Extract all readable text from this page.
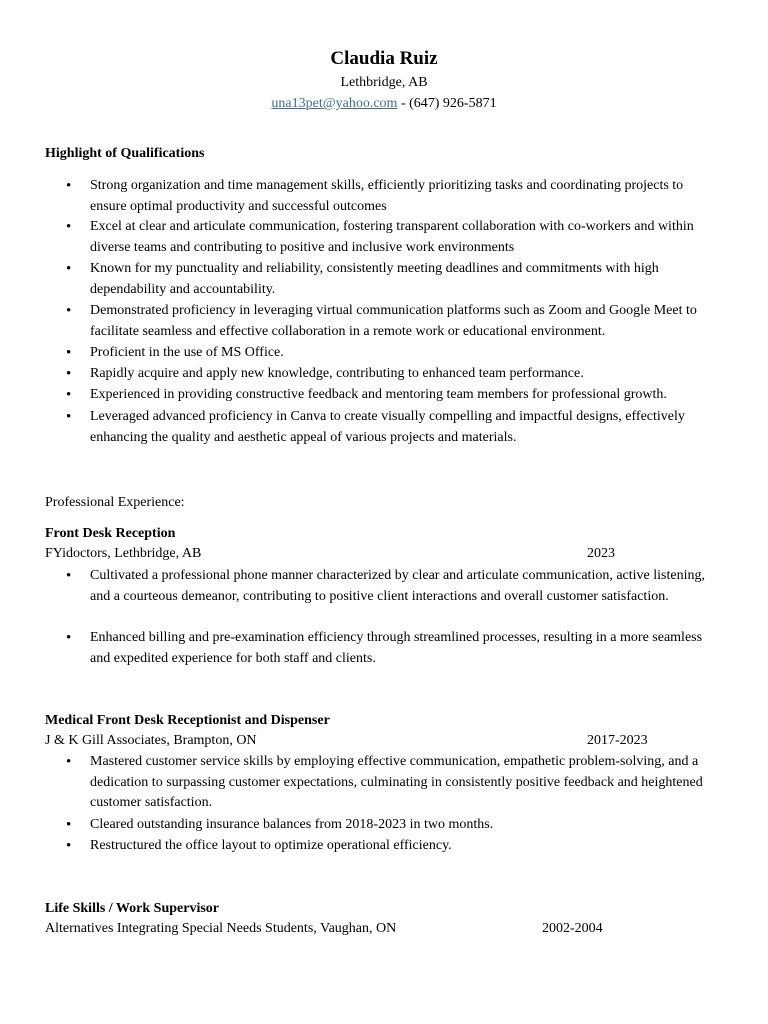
Claudia Ruiz
Lethbridge, AB
una13pet@yahoo.com - (647) 926-5871
Highlight of Qualifications
• Strong organization and time management skills, efficiently prioritizing tasks and coordinating projects to ensure optimal productivity and successful outcomes
• Excel at clear and articulate communication, fostering transparent collaboration with co-workers and within diverse teams and contributing to positive and inclusive work environments
• Known for my punctuality and reliability, consistently meeting deadlines and commitments with high dependability and accountability.
• Demonstrated proficiency in leveraging virtual communication platforms such as Zoom and Google Meet to facilitate seamless and effective collaboration in a remote work or educational environment.
• Proficient in the use of MS Office.
• Rapidly acquire and apply new knowledge, contributing to enhanced team performance.
• Experienced in providing constructive feedback and mentoring team members for professional growth.
• Leveraged advanced proficiency in Canva to create visually compelling and impactful designs, effectively enhancing the quality and aesthetic appeal of various projects and materials.
Professional Experience:
Front Desk Reception
FYidoctors, Lethbridge, AB	2023
• Cultivated a professional phone manner characterized by clear and articulate communication, active listening, and a courteous demeanor, contributing to positive client interactions and overall customer satisfaction.
• Enhanced billing and pre-examination efficiency through streamlined processes, resulting in a more seamless and expedited experience for both staff and clients.
Medical Front Desk Receptionist and Dispenser
J & K Gill Associates, Brampton, ON	2017-2023
• Mastered customer service skills by employing effective communication, empathetic problem-solving, and a dedication to surpassing customer expectations, culminating in consistently positive feedback and heightened customer satisfaction.
• Cleared outstanding insurance balances from 2018-2023 in two months.
• Restructured the office layout to optimize operational efficiency.
Life Skills / Work Supervisor
Alternatives Integrating Special Needs Students, Vaughan, ON	2002-2004
